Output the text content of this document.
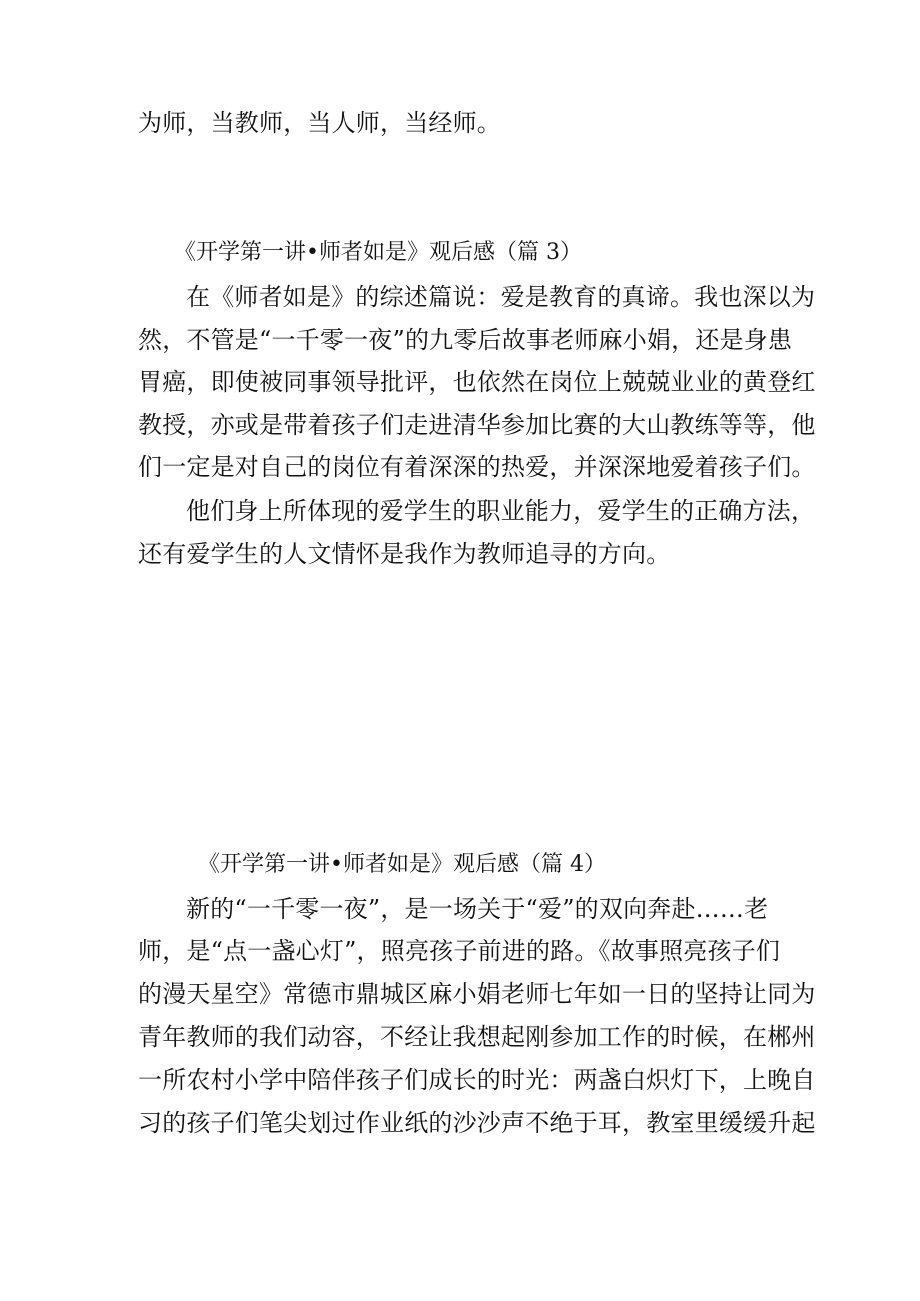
为师，当教师，当人师，当经师。
《开学第一讲•师者如是》观后感（篇 3）
在《师者如是》的综述篇说：爱是教育的真谛。我也深以为
然，不管是“一千零一夜”的九零后故事老师麻小娟，还是身患
胃癌，即使被同事领导批评，也依然在岗位上兢兢业业的黄登红
教授，亦或是带着孩子们走进清华参加比赛的大山教练等等，他
们一定是对自己的岗位有着深深的热爱，并深深地爱着孩子们。
他们身上所体现的爱学生的职业能力，爱学生的正确方法，
还有爱学生的人文情怀是我作为教师追寻的方向。
《开学第一讲•师者如是》观后感（篇 4）
新的“一千零一夜”，是一场关于“爱”的双向奔赴……老
师，是“点一盏心灯”，照亮孩子前进的路。《故事照亮孩子们
的漫天星空》常德市鼎城区麻小娟老师七年如一日的坚持让同为
青年教师的我们动容，不经让我想起刚参加工作的时候，在郴州
一所农村小学中陪伴孩子们成长的时光：两盏白炽灯下，上晚自
习的孩子们笔尖划过作业纸的沙沙声不绝于耳，教室里缓缓升起
